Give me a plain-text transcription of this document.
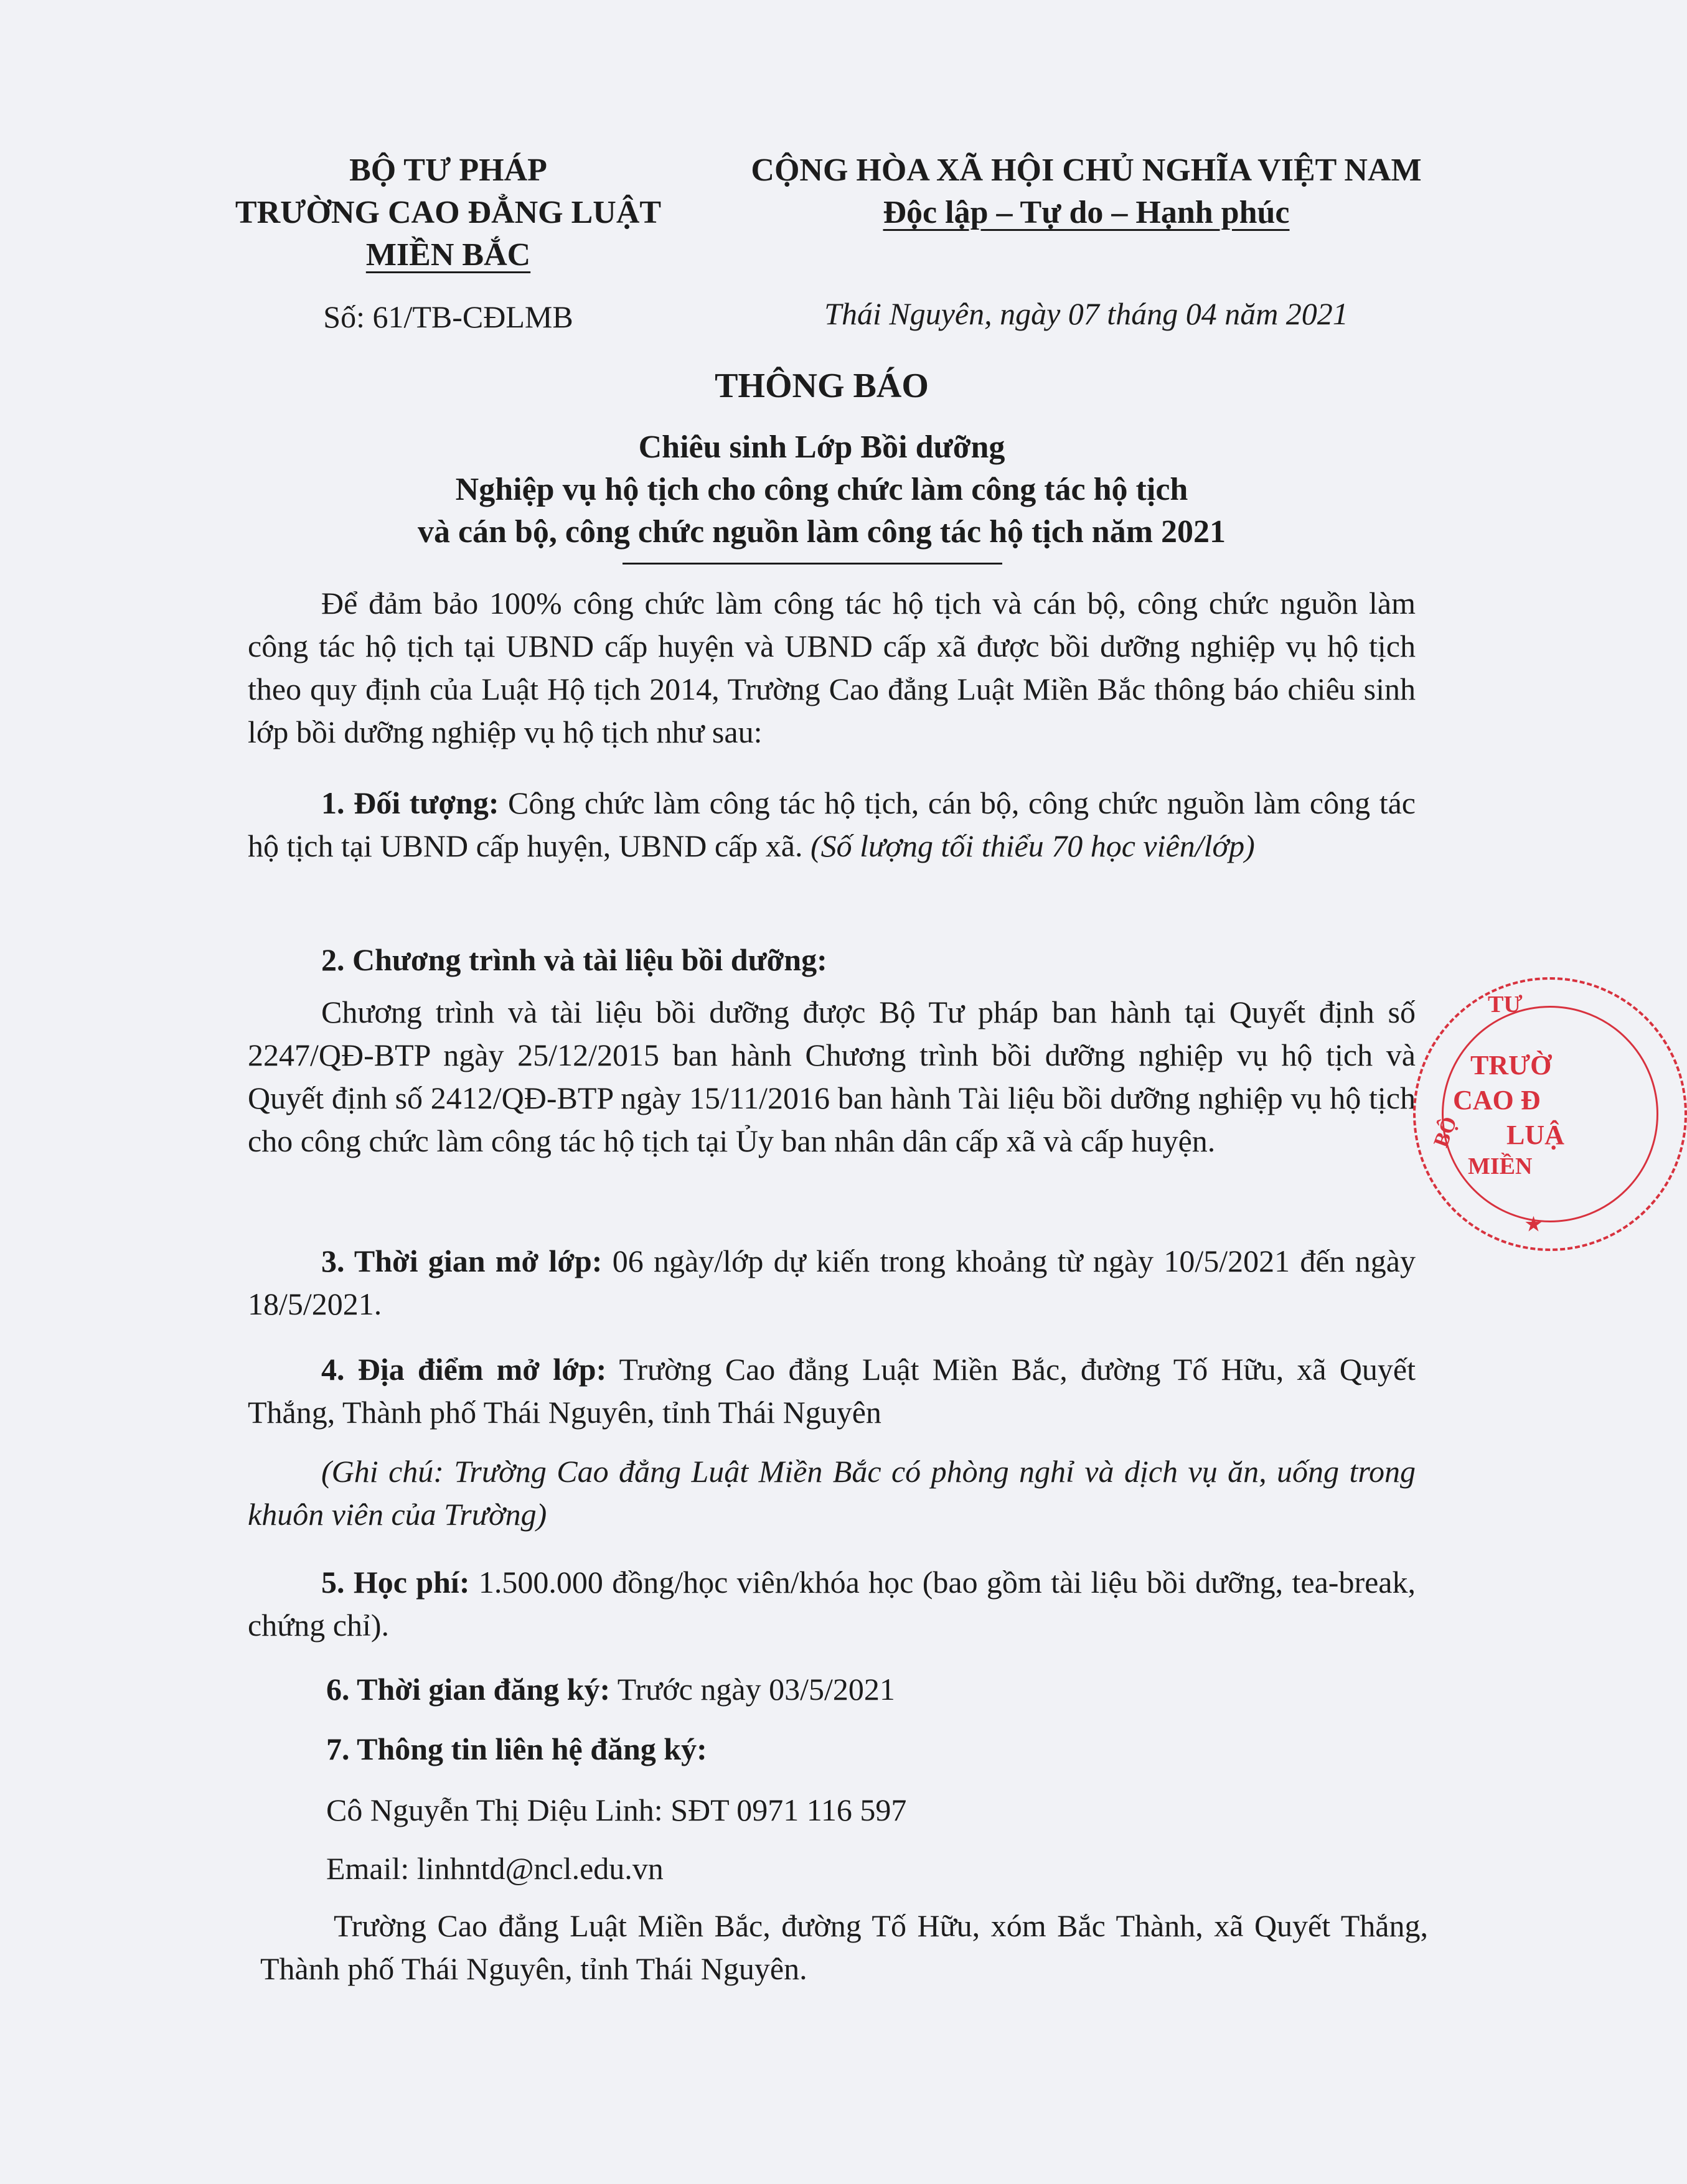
BỘ TƯ PHÁP
TRƯỜNG CAO ĐẲNG LUẬT
MIỀN BẮC
Số: 61/TB-CĐLMB
CỘNG HÒA XÃ HỘI CHỦ NGHĨA VIỆT NAM
Độc lập – Tự do – Hạnh phúc
Thái Nguyên, ngày 07 tháng 04 năm 2021
THÔNG BÁO
Chiêu sinh Lớp Bồi dưỡng
Nghiệp vụ hộ tịch cho công chức làm công tác hộ tịch
và cán bộ, công chức nguồn làm công tác hộ tịch năm 2021
Để đảm bảo 100% công chức làm công tác hộ tịch và cán bộ, công chức nguồn làm công tác hộ tịch tại UBND cấp huyện và UBND cấp xã được bồi dưỡng nghiệp vụ hộ tịch theo quy định của Luật Hộ tịch 2014, Trường Cao đẳng Luật Miền Bắc thông báo chiêu sinh lớp bồi dưỡng nghiệp vụ hộ tịch như sau:
1. Đối tượng: Công chức làm công tác hộ tịch, cán bộ, công chức nguồn làm công tác hộ tịch tại UBND cấp huyện, UBND cấp xã. (Số lượng tối thiểu 70 học viên/lớp)
2. Chương trình và tài liệu bồi dưỡng:
Chương trình và tài liệu bồi dưỡng được Bộ Tư pháp ban hành tại Quyết định số 2247/QĐ-BTP ngày 25/12/2015 ban hành Chương trình bồi dưỡng nghiệp vụ hộ tịch và Quyết định số 2412/QĐ-BTP ngày 15/11/2016 ban hành Tài liệu bồi dưỡng nghiệp vụ hộ tịch cho công chức làm công tác hộ tịch tại Ủy ban nhân dân cấp xã và cấp huyện.
3. Thời gian mở lớp: 06 ngày/lớp dự kiến trong khoảng từ ngày 10/5/2021 đến ngày 18/5/2021.
4. Địa điểm mở lớp: Trường Cao đẳng Luật Miền Bắc, đường Tố Hữu, xã Quyết Thắng, Thành phố Thái Nguyên, tỉnh Thái Nguyên
(Ghi chú: Trường Cao đẳng Luật Miền Bắc có phòng nghỉ và dịch vụ ăn, uống trong khuôn viên của Trường)
5. Học phí: 1.500.000 đồng/học viên/khóa học (bao gồm tài liệu bồi dưỡng, tea-break, chứng chỉ).
6. Thời gian đăng ký: Trước ngày 03/5/2021
7. Thông tin liên hệ đăng ký:
Cô Nguyễn Thị Diệu Linh: SĐT 0971 116 597
Email: linhntd@ncl.edu.vn
Trường Cao đẳng Luật Miền Bắc, đường Tố Hữu, xóm Bắc Thành, xã Quyết Thắng, Thành phố Thái Nguyên, tỉnh Thái Nguyên.
TƯ
BỘ
TRƯỜ
CAO Đ
LUẬ
MIỀN
★
